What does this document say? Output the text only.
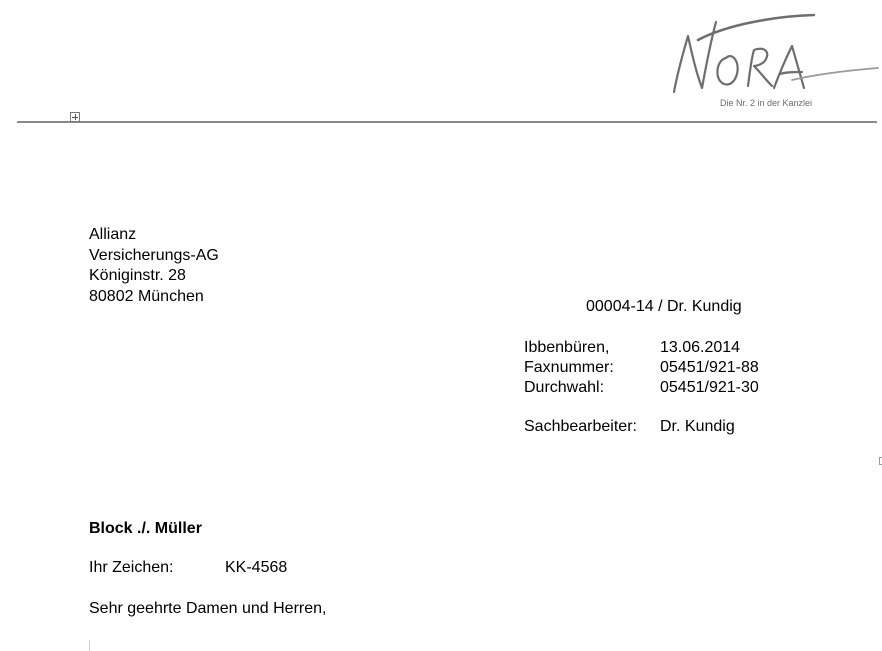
Die Nr. 2 in der Kanzlei
Allianz
Versicherungs-AG
Königinstr. 28
80802 München
00004-14 / Dr. Kundig
Ibbenbüren,	13.06.2014
Faxnummer:	05451/921-88
Durchwahl:	05451/921-30
Sachbearbeiter:	Dr. Kundig
Block ./. Müller
Ihr Zeichen:	KK-4568
Sehr geehrte Damen und Herren,
